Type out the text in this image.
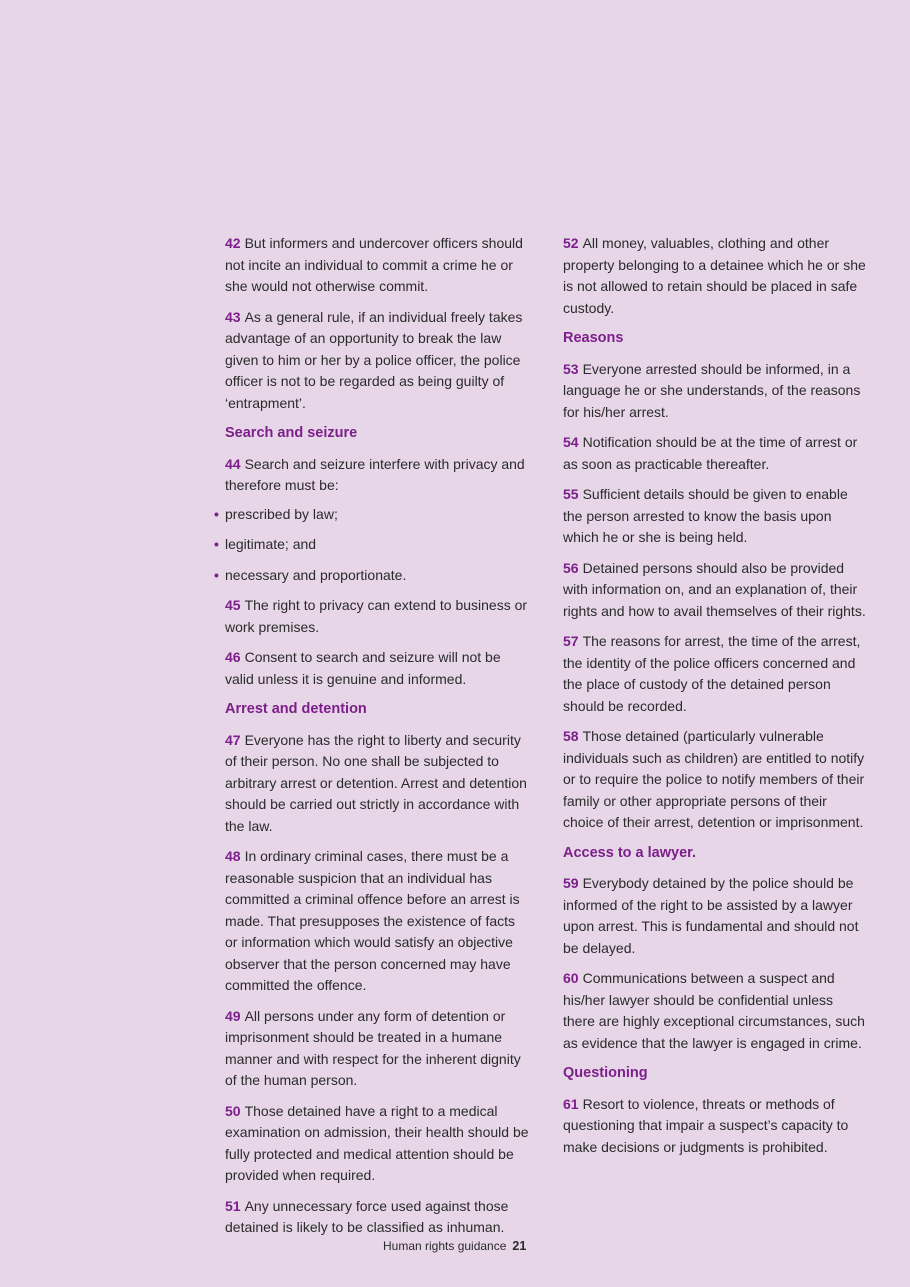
42 But informers and undercover officers should not incite an individual to commit a crime he or she would not otherwise commit.

43 As a general rule, if an individual freely takes advantage of an opportunity to break the law given to him or her by a police officer, the police officer is not to be regarded as being guilty of ‘entrapment’.

Search and seizure

44 Search and seizure interfere with privacy and therefore must be:

• prescribed by law;
• legitimate; and
• necessary and proportionate.

45 The right to privacy can extend to business or work premises.

46 Consent to search and seizure will not be valid unless it is genuine and informed.

Arrest and detention

47 Everyone has the right to liberty and security of their person. No one shall be subjected to arbitrary arrest or detention. Arrest and detention should be carried out strictly in accordance with the law.

48 In ordinary criminal cases, there must be a reasonable suspicion that an individual has committed a criminal offence before an arrest is made. That presupposes the existence of facts or information which would satisfy an objective observer that the person concerned may have committed the offence.

49 All persons under any form of detention or imprisonment should be treated in a humane manner and with respect for the inherent dignity of the human person.

50 Those detained have a right to a medical examination on admission, their health should be fully protected and medical attention should be provided when required.

51 Any unnecessary force used against those detained is likely to be classified as inhuman.

52 All money, valuables, clothing and other property belonging to a detainee which he or she is not allowed to retain should be placed in safe custody.

Reasons

53 Everyone arrested should be informed, in a language he or she understands, of the reasons for his/her arrest.

54 Notification should be at the time of arrest or as soon as practicable thereafter.

55 Sufficient details should be given to enable the person arrested to know the basis upon which he or she is being held.

56 Detained persons should also be provided with information on, and an explanation of, their rights and how to avail themselves of their rights.

57 The reasons for arrest, the time of the arrest, the identity of the police officers concerned and the place of custody of the detained person should be recorded.

58 Those detained (particularly vulnerable individuals such as children) are entitled to notify or to require the police to notify members of their family or other appropriate persons of their choice of their arrest, detention or imprisonment.

Access to a lawyer.

59 Everybody detained by the police should be informed of the right to be assisted by a lawyer upon arrest. This is fundamental and should not be delayed.

60 Communications between a suspect and his/her lawyer should be confidential unless there are highly exceptional circumstances, such as evidence that the lawyer is engaged in crime.

Questioning

61 Resort to violence, threats or methods of questioning that impair a suspect’s capacity to make decisions or judgments is prohibited.

Human rights guidance 21
